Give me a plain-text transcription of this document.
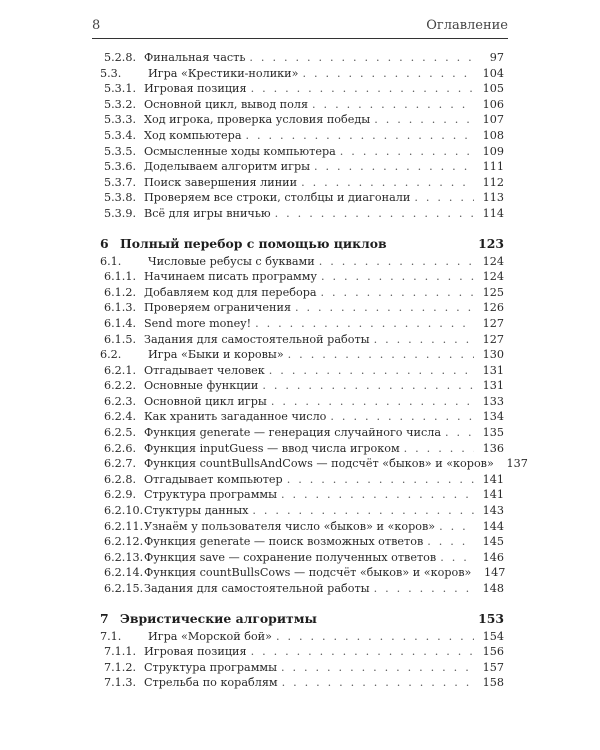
8	Оглавление
5.2.8. Финальная часть . . .	97
5.3.	Игра «Крестики-нолики» . . .	104
5.3.1. Игровая позиция . . .	105
5.3.2. Основной цикл, вывод поля . . .	106
5.3.3. Ход игрока, проверка условия победы . . .	107
5.3.4. Ход компьютера . . .	108
5.3.5. Осмысленные ходы компьютера . . .	109
5.3.6. Доделываем алгоритм игры . . .	111
5.3.7. Поиск завершения линии . . .	112
5.3.8. Проверяем все строки, столбцы и диагонали . . .	113
5.3.9. Всё для игры вничью . . .	114
6 Полный перебор с помощью циклов	123
6.1.	Числовые ребусы с буквами . . .	124
6.1.1. Начинаем писать программу . . .	124
6.1.2. Добавляем код для перебора . . .	125
6.1.3. Проверяем ограничения . . .	126
6.1.4. Send more money! . . .	127
6.1.5. Задания для самостоятельной работы . . .	127
6.2.	Игра «Быки и коровы» . . .	130
6.2.1. Отгадывает человек . . .	131
6.2.2. Основные функции . . .	131
6.2.3. Основной цикл игры . . .	133
6.2.4. Как хранить загаданное число . . .	134
6.2.5. Функция generate — генерация случайного числа . . .	135
6.2.6. Функция inputGuess — ввод числа игроком . . .	136
6.2.7. Функция countBullsAndCows — подсчёт «быков» и «коров»	137
6.2.8. Отгадывает компьютер . . .	141
6.2.9. Структура программы . . .	141
6.2.10. Стуктуры данных . . .	143
6.2.11. Узнаём у пользователя число «быков» и «коров» . . .	144
6.2.12. Функция generate — поиск возможных ответов . . .	145
6.2.13. Функция save — сохранение полученных ответов . . .	146
6.2.14. Функция countBullsCows — подсчёт «быков» и «коров»	147
6.2.15. Задания для самостоятельной работы . . .	148
7 Эвристические алгоритмы	153
7.1.	Игра «Морской бой» . . .	154
7.1.1. Игровая позиция . . .	156
7.1.2. Структура программы . . .	157
7.1.3. Стрельба по кораблям . . .	158
